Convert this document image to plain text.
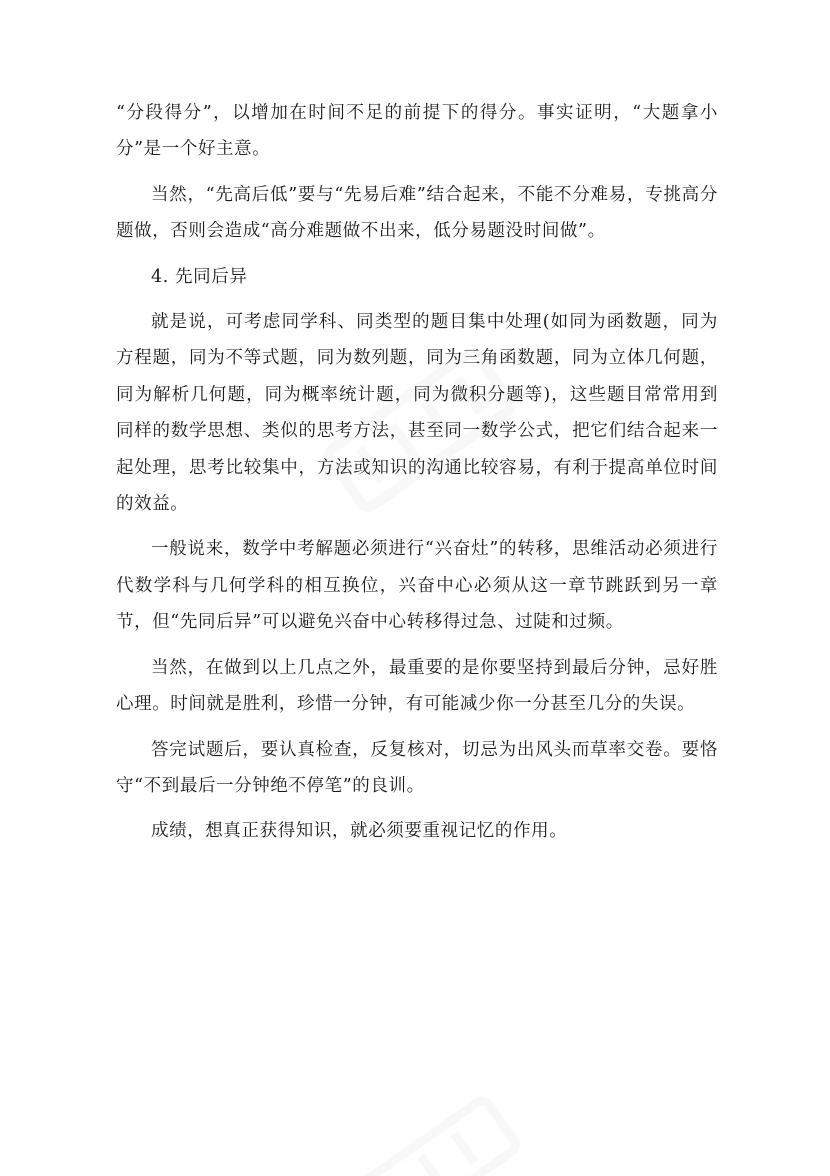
“分段得分”，以增加在时间不足的前提下的得分。事实证明，“大题拿小分”是一个好主意。

当然，“先高后低”要与“先易后难”结合起来，不能不分难易，专挑高分题做，否则会造成“高分难题做不出来，低分易题没时间做”。

4. 先同后异

就是说，可考虑同学科、同类型的题目集中处理(如同为函数题，同为方程题，同为不等式题，同为数列题，同为三角函数题，同为立体几何题，同为解析几何题，同为概率统计题，同为微积分题等)，这些题目常常用到同样的数学思想、类似的思考方法，甚至同一数学公式，把它们结合起来一起处理，思考比较集中，方法或知识的沟通比较容易，有利于提高单位时间的效益。

一般说来，数学中考解题必须进行“兴奋灶”的转移，思维活动必须进行代数学科与几何学科的相互换位，兴奋中心必须从这一章节跳跃到另一章节，但“先同后异”可以避免兴奋中心转移得过急、过陡和过频。

当然，在做到以上几点之外，最重要的是你要坚持到最后分钟，忌好胜心理。时间就是胜利，珍惜一分钟，有可能减少你一分甚至几分的失误。

答完试题后，要认真检查，反复核对，切忌为出风头而草率交卷。要恪守“不到最后一分钟绝不停笔”的良训。

成绩，想真正获得知识，就必须要重视记忆的作用。
